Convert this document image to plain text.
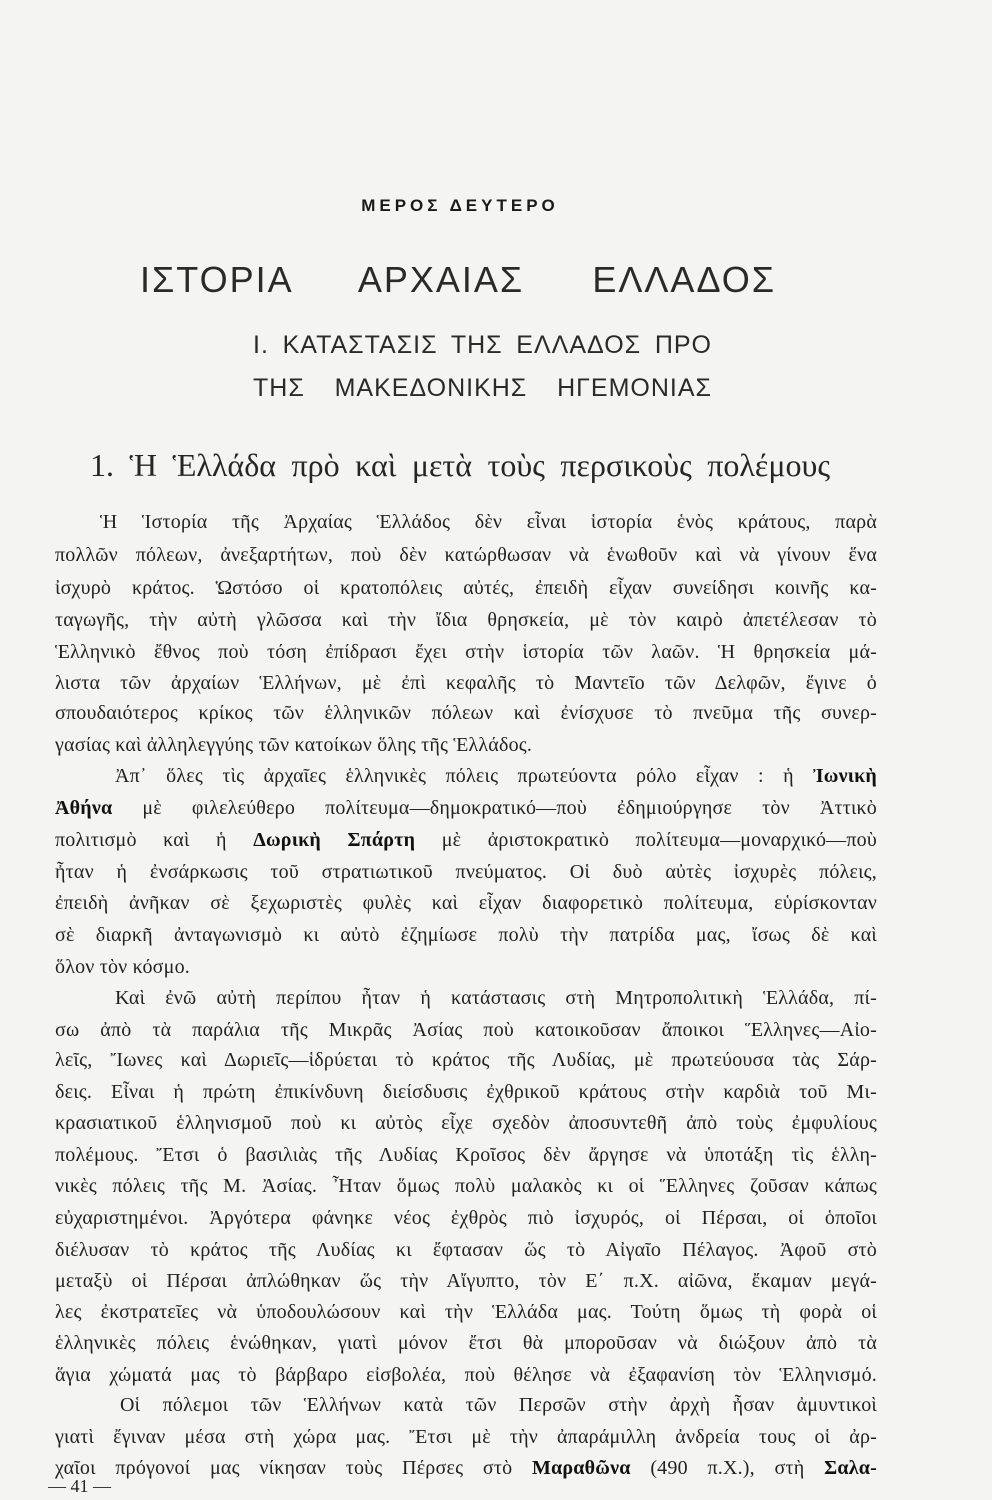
ΜΕΡΟΣ ΔΕΥΤΕΡΟ
ΙΣΤΟΡΙΑ ΑΡΧΑΙΑΣ ΕΛΛΑΔΟΣ
I. ΚΑΤΑΣΤΑΣΙΣ ΤΗΣ ΕΛΛΑΔΟΣ ΠΡΟ
ΤΗΣ ΜΑΚΕΔΟΝΙΚΗΣ ΗΓΕΜΟΝΙΑΣ
1. Ἡ Ἑλλάδα πρὸ καὶ μετὰ τοὺς περσικοὺς πολέμους
Ἡ Ἱστορία τῆς Ἀρχαίας Ἑλλάδος δὲν εἶναι ἱστορία ἑνὸς κράτους, παρὰ
πολλῶν πόλεων, ἀνεξαρτήτων, ποὺ δὲν κατώρθωσαν νὰ ἑνωθοῦν καὶ νὰ γίνουν ἕνα
ἰσχυρὸ κράτος. Ὡστόσο οἱ κρατοπόλεις αὐτές, ἐπειδὴ εἶχαν συνείδησι κοινῆς κα-
ταγωγῆς, τὴν αὐτὴ γλῶσσα καὶ τὴν ἴδια θρησκεία, μὲ τὸν καιρὸ ἀπετέλεσαν τὸ
Ἑλληνικὸ ἔθνος ποὺ τόση ἐπίδρασι ἔχει στὴν ἱστορία τῶν λαῶν. Ἡ θρησκεία μά-
λιστα τῶν ἀρχαίων Ἑλλήνων, μὲ ἐπὶ κεφαλῆς τὸ Μαντεῖο τῶν Δελφῶν, ἔγινε ὁ
σπουδαιότερος κρίκος τῶν ἑλληνικῶν πόλεων καὶ ἐνίσχυσε τὸ πνεῦμα τῆς συνερ-
γασίας καὶ ἀλληλεγγύης τῶν κατοίκων ὅλης τῆς Ἑλλάδος.
Ἀπ᾿ ὅλες τὶς ἀρχαῖες ἑλληνικὲς πόλεις πρωτεύοντα ρόλο εἶχαν : ἡ Ἰωνικὴ
Ἀθήνα μὲ φιλελεύθερο πολίτευμα—δημοκρατικό—ποὺ ἐδημιούργησε τὸν Ἀττικὸ
πολιτισμὸ καὶ ἡ Δωρικὴ Σπάρτη μὲ ἀριστοκρατικὸ πολίτευμα—μοναρχικό—ποὺ
ἦταν ἡ ἐνσάρκωσις τοῦ στρατιωτικοῦ πνεύματος. Οἱ δυὸ αὐτὲς ἰσχυρὲς πόλεις,
ἐπειδὴ ἀνῆκαν σὲ ξεχωριστὲς φυλὲς καὶ εἶχαν διαφορετικὸ πολίτευμα, εὑρίσκονταν
σὲ διαρκῆ ἀνταγωνισμὸ κι αὐτὸ ἐζημίωσε πολὺ τὴν πατρίδα μας, ἴσως δὲ καὶ
ὅλον τὸν κόσμο.
Καὶ ἐνῶ αὐτὴ περίπου ἦταν ἡ κατάστασις στὴ Μητροπολιτικὴ Ἑλλάδα, πί-
σω ἀπὸ τὰ παράλια τῆς Μικρᾶς Ἀσίας ποὺ κατοικοῦσαν ἄποικοι Ἕλληνες—Αἰο-
λεῖς, Ἴωνες καὶ Δωριεῖς—ἱδρύεται τὸ κράτος τῆς Λυδίας, μὲ πρωτεύουσα τὰς Σάρ-
δεις. Εἶναι ἡ πρώτη ἐπικίνδυνη διείσδυσις ἐχθρικοῦ κράτους στὴν καρδιὰ τοῦ Μι-
κρασιατικοῦ ἑλληνισμοῦ ποὺ κι αὐτὸς εἶχε σχεδὸν ἀποσυντεθῆ ἀπὸ τοὺς ἐμφυλίους
πολέμους. Ἔτσι ὁ βασιλιὰς τῆς Λυδίας Κροῖσος δὲν ἄργησε νὰ ὑποτάξη τὶς ἑλλη-
νικὲς πόλεις τῆς Μ. Ἀσίας. Ἦταν ὅμως πολὺ μαλακὸς κι οἱ Ἕλληνες ζοῦσαν κάπως
εὐχαριστημένοι. Ἀργότερα φάνηκε νέος ἐχθρὸς πιὸ ἰσχυρός, οἱ Πέρσαι, οἱ ὁποῖοι
διέλυσαν τὸ κράτος τῆς Λυδίας κι ἔφτασαν ὥς τὸ Αἰγαῖο Πέλαγος. Ἀφοῦ στὸ
μεταξὺ οἱ Πέρσαι ἀπλώθηκαν ὥς τὴν Αἴγυπτο, τὸν Ε΄ π.Χ. αἰῶνα, ἔκαμαν μεγά-
λες ἐκστρατεῖες νὰ ὑποδουλώσουν καὶ τὴν Ἑλλάδα μας. Τούτη ὅμως τὴ φορὰ οἱ
ἑλληνικὲς πόλεις ἑνώθηκαν, γιατὶ μόνον ἔτσι θὰ μποροῦσαν νὰ διώξουν ἀπὸ τὰ
ἅγια χώματά μας τὸ βάρβαρο εἰσβολέα, ποὺ θέλησε νὰ ἐξαφανίση τὸν Ἑλληνισμό.
Οἱ πόλεμοι τῶν Ἑλλήνων κατὰ τῶν Περσῶν στὴν ἀρχὴ ἦσαν ἀμυντικοὶ
γιατὶ ἔγιναν μέσα στὴ χώρα μας. Ἔτσι μὲ τὴν ἀπαράμιλλη ἀνδρεία τους οἱ ἀρ-
χαῖοι πρόγονοί μας νίκησαν τοὺς Πέρσες στὸ Μαραθῶνα (490 π.Χ.), στὴ Σαλα-
— 41 —
